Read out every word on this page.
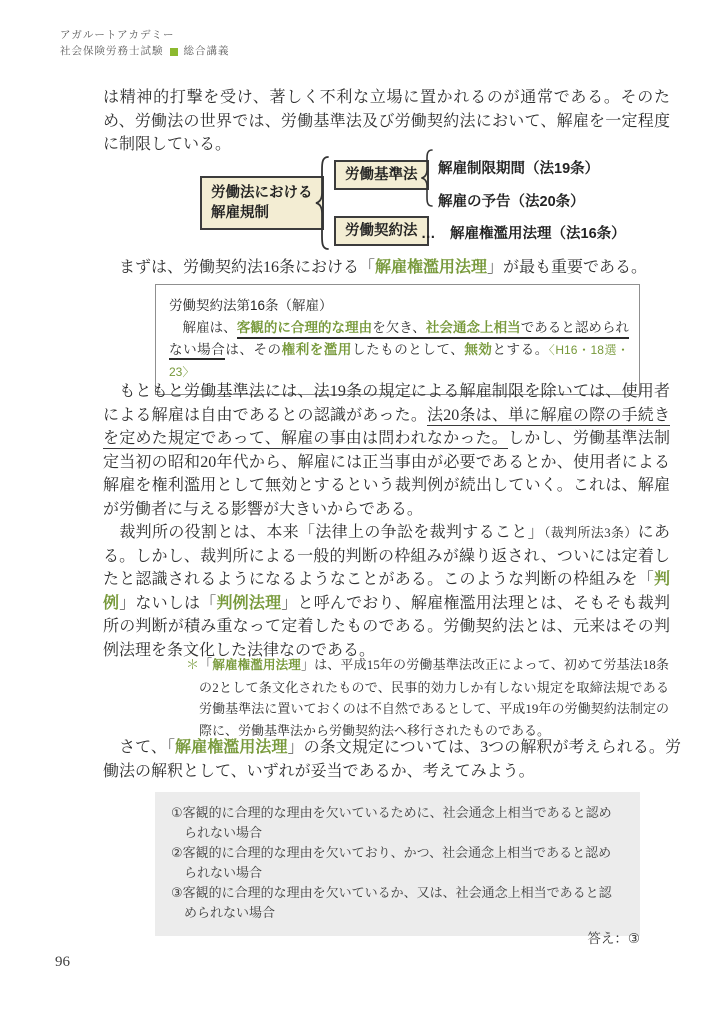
アガルートアカデミー
社会保険労務士試験 総合講義
は精神的打撃を受け、著しく不利な立場に置かれるのが通常である。そのため、労働法の世界では、労働基準法及び労働契約法において、解雇を一定程度に制限している。
労働法における
解雇規制
労働基準法	解雇制限期間（法19条）
解雇の予告（法20条）
労働契約法 …　解雇権濫用法理（法16条）
　まずは、労働契約法16条における「解雇権濫用法理」が最も重要である。

労働契約法第16条（解雇）

　解雇は、客観的に合理的な理由を欠き、社会通念上相当であると認められない場合は、その権利を濫用したものとして、無効とする。〈H16・18選・23〉

　もともと労働基準法には、法19条の規定による解雇制限を除いては、使用者による解雇は自由であるとの認識があった。法20条は、単に解雇の際の手続きを定めた規定であって、解雇の事由は問われなかった。しかし、労働基準法制定当初の昭和20年代から、解雇には正当事由が必要であるとか、使用者による解雇を権利濫用として無効とするという裁判例が続出していく。これは、解雇が労働者に与える影響が大きいからである。

　裁判所の役割とは、本来「法律上の争訟を裁判すること」（裁判所法3条）にある。しかし、裁判所による一般的判断の枠組みが繰り返され、ついには定着したと認識されるようになるようなことがある。このような判断の枠組みを「判例」ないしは「判例法理」と呼んでおり、解雇権濫用法理とは、そもそも裁判所の判断が積み重なって定着したものである。労働契約法とは、元来はその判例法理を条文化した法律なのである。

＊「解雇権濫用法理」は、平成15年の労働基準法改正によって、初めて労基法18条の2として条文化されたもので、民事的効力しか有しない規定を取締法規である労働基準法に置いておくのは不自然であるとして、平成19年の労働契約法制定の際に、労働基準法から労働契約法へ移行されたものである。
　さて、「解雇権濫用法理」の条文規定については、3つの解釈が考えられる。労働法の解釈として、いずれが妥当であるか、考えてみよう。
①客観的に合理的な理由を欠いているために、社会通念上相当であると認められない場合
②客観的に合理的な理由を欠いており、かつ、社会通念上相当であると認められない場合
③客観的に合理的な理由を欠いているか、又は、社会通念上相当であると認められない場合
答え：③
96
